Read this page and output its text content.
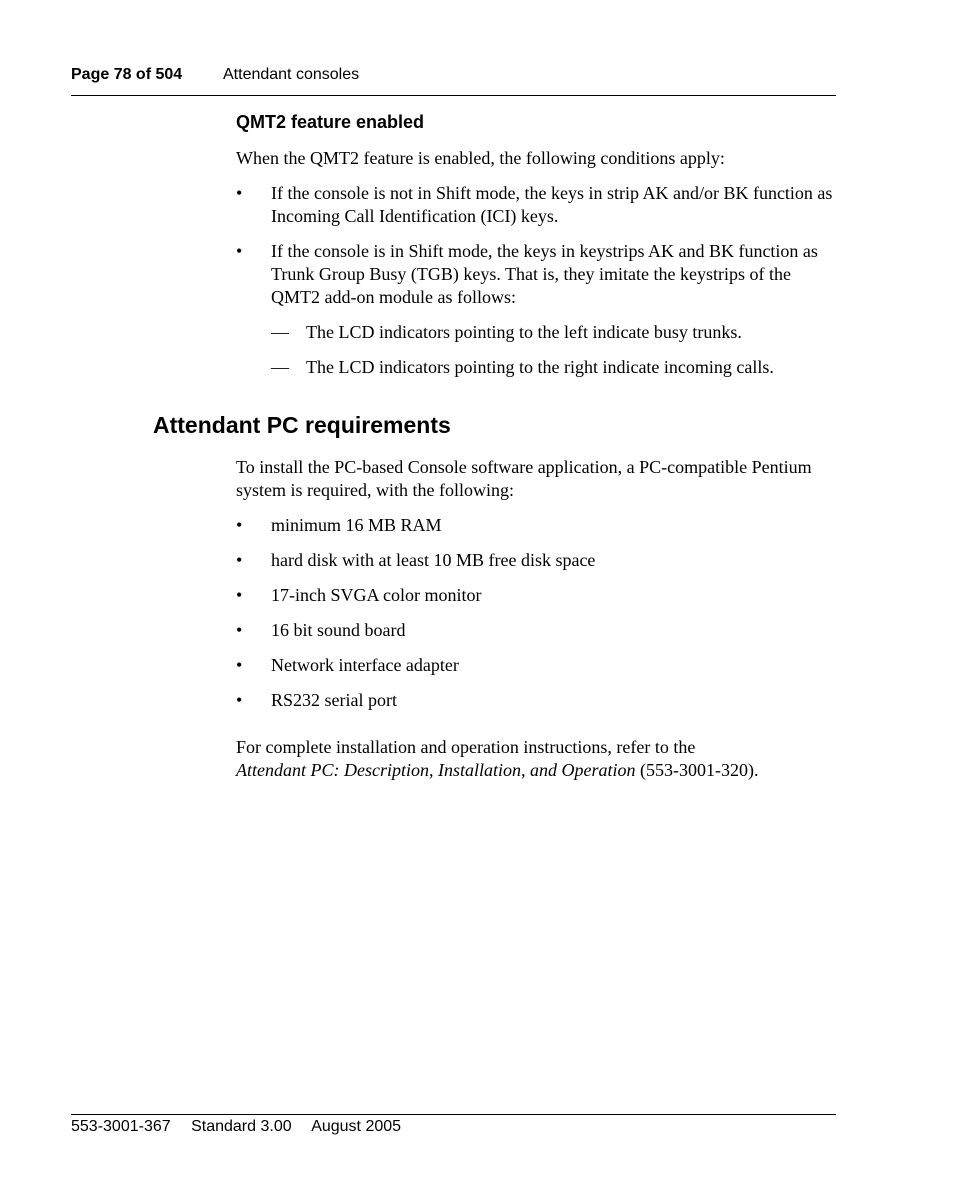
Page 78 of 504	Attendant consoles
QMT2 feature enabled
When the QMT2 feature is enabled, the following conditions apply:
• If the console is not in Shift mode, the keys in strip AK and/or BK function as Incoming Call Identification (ICI) keys.
• If the console is in Shift mode, the keys in keystrips AK and BK function as Trunk Group Busy (TGB) keys. That is, they imitate the keystrips of the QMT2 add-on module as follows:
— The LCD indicators pointing to the left indicate busy trunks.
— The LCD indicators pointing to the right indicate incoming calls.
Attendant PC requirements
To install the PC-based Console software application, a PC-compatible Pentium system is required, with the following:
• minimum 16 MB RAM
• hard disk with at least 10 MB free disk space
• 17-inch SVGA color monitor
• 16 bit sound board
• Network interface adapter
• RS232 serial port
For complete installation and operation instructions, refer to the
Attendant PC: Description, Installation, and Operation (553-3001-320).
553-3001-367 Standard 3.00 August 2005
